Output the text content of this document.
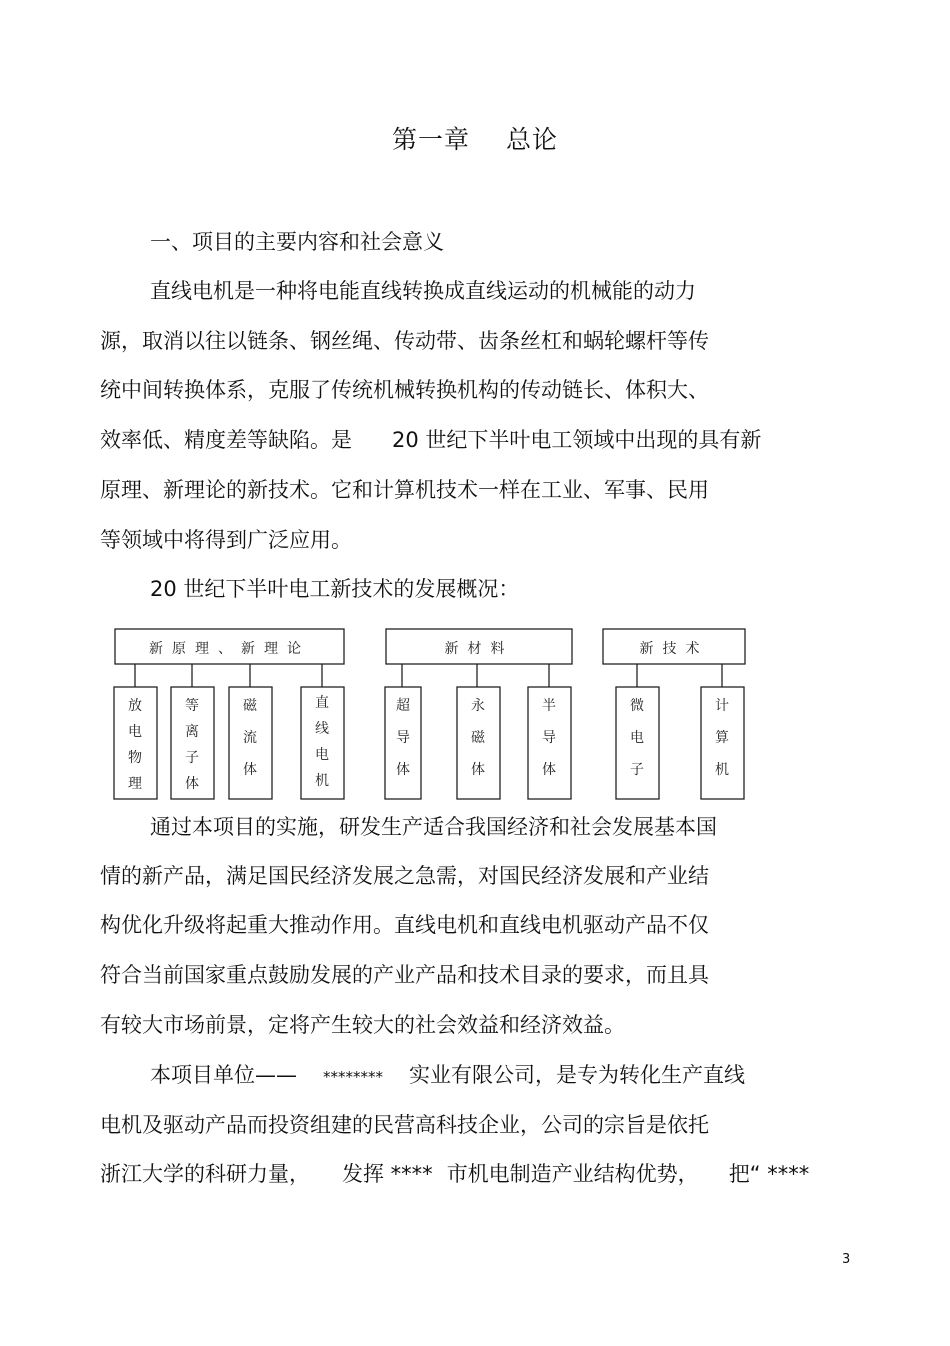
第一章 总论
一、项目的主要内容和社会意义
直线电机是一种将电能直线转换成直线运动的机械能的动力
源，取消以往以链条、钢丝绳、传动带、齿条丝杠和蜗轮螺杆等传
统中间转换体系，克服了传统机械转换机构的传动链长、体积大、
效率低、精度差等缺陷。是 20 世纪下半叶电工领域中出现的具有新
原理、新理论的新技术。它和计算机技术一样在工业、军事、民用
等领域中将得到广泛应用。
20 世纪下半叶电工新技术的发展概况：
新原理、新理论	新材料	新技术
放电物理
等离子体
磁流体
直线电机
超导体
永磁体
半导体
微电子
计算机
通过本项目的实施，研发生产适合我国经济和社会发展基本国
情的新产品，满足国民经济发展之急需，对国民经济发展和产业结
构优化升级将起重大推动作用。直线电机和直线电机驱动产品不仅
符合当前国家重点鼓励发展的产业产品和技术目录的要求，而且具
有较大市场前景，定将产生较大的社会效益和经济效益。
本项目单位—— ******** 实业有限公司，是专为转化生产直线
电机及驱动产品而投资组建的民营高科技企业，公司的宗旨是依托
浙江大学的科研力量， 发挥 **** 市机电制造产业结构优势， 把“ ****
3
